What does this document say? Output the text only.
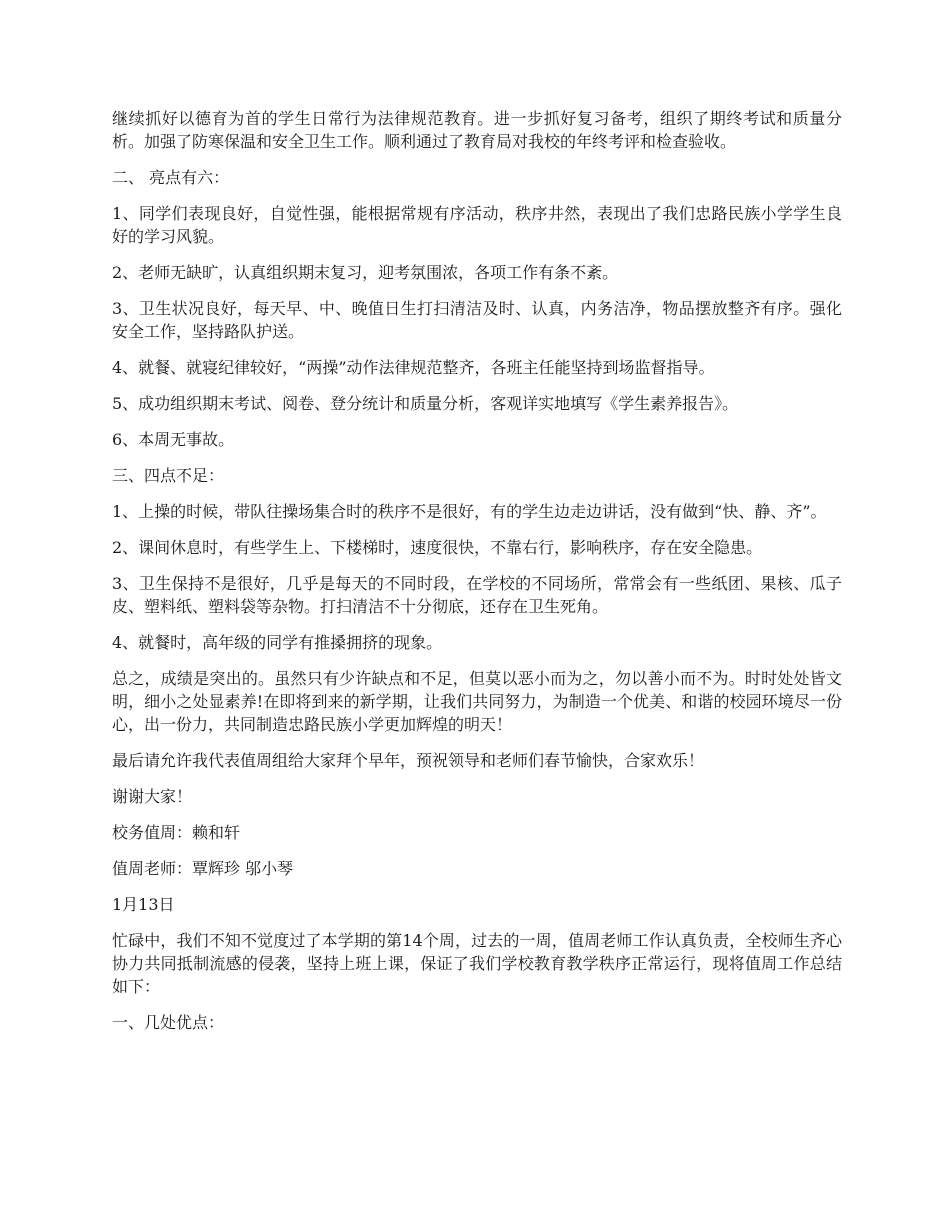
继续抓好以德育为首的学生日常行为法律规范教育。进一步抓好复习备考，组织了期终考试和质量分析。加强了防寒保温和安全卫生工作。顺利通过了教育局对我校的年终考评和检查验收。

二、 亮点有六：

1、同学们表现良好，自觉性强，能根据常规有序活动，秩序井然，表现出了我们忠路民族小学学生良好的学习风貌。

2、老师无缺旷，认真组织期末复习，迎考氛围浓，各项工作有条不紊。

3、卫生状况良好，每天早、中、晚值日生打扫清洁及时、认真，内务洁净，物品摆放整齐有序。强化安全工作，坚持路队护送。

4、就餐、就寝纪律较好，“两操”动作法律规范整齐，各班主任能坚持到场监督指导。

5、成功组织期末考试、阅卷、登分统计和质量分析，客观详实地填写《学生素养报告》。

6、本周无事故。

三、四点不足：

1、上操的时候，带队往操场集合时的秩序不是很好，有的学生边走边讲话，没有做到“快、静、齐”。

2、课间休息时，有些学生上、下楼梯时，速度很快，不靠右行，影响秩序，存在安全隐患。

3、卫生保持不是很好，几乎是每天的不同时段，在学校的不同场所，常常会有一些纸团、果核、瓜子皮、塑料纸、塑料袋等杂物。打扫清洁不十分彻底，还存在卫生死角。

4、就餐时，高年级的同学有推搡拥挤的现象。

总之，成绩是突出的。虽然只有少许缺点和不足，但莫以恶小而为之，勿以善小而不为。时时处处皆文明，细小之处显素养!在即将到来的新学期，让我们共同努力，为制造一个优美、和谐的校园环境尽一份心，出一份力，共同制造忠路民族小学更加辉煌的明天！

最后请允许我代表值周组给大家拜个早年，预祝领导和老师们春节愉快，合家欢乐！

谢谢大家！

校务值周：赖和轩

值周老师：覃辉珍 邬小琴

1月13日

忙碌中，我们不知不觉度过了本学期的第14个周，过去的一周，值周老师工作认真负责，全校师生齐心协力共同抵制流感的侵袭，坚持上班上课，保证了我们学校教育教学秩序正常运行，现将值周工作总结如下：

一、几处优点：
